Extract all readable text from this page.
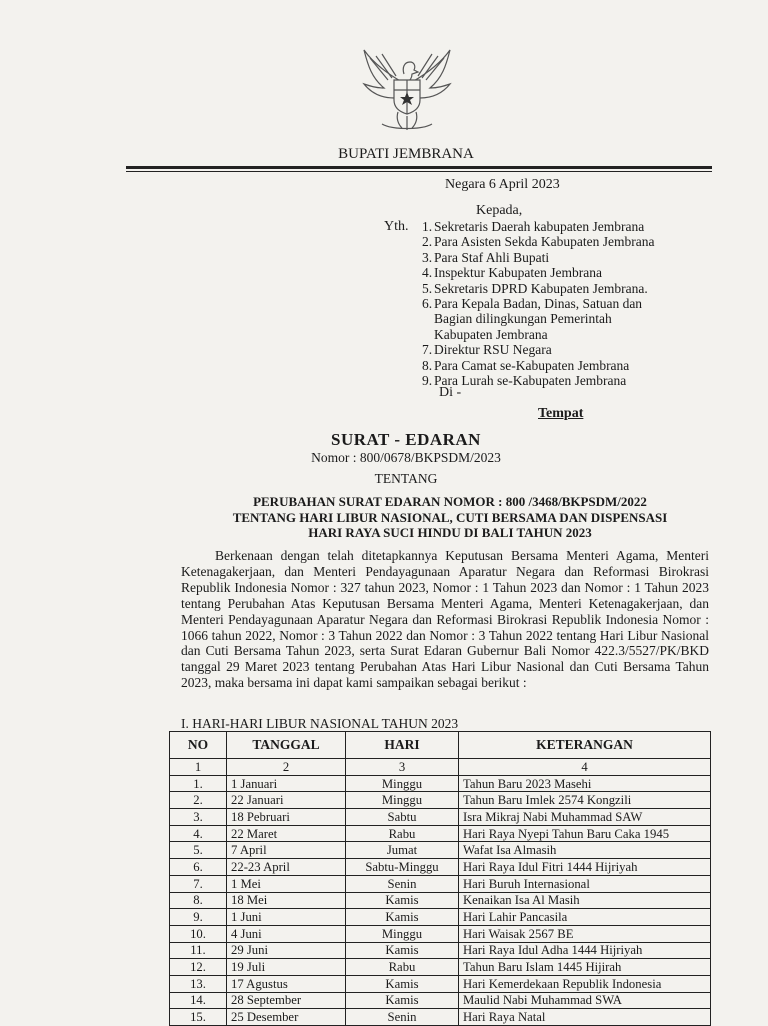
BUPATI JEMBRANA
Negara 6 April 2023
Kepada,
Yth. 1. Sekretaris Daerah kabupaten Jembrana
2. Para Asisten Sekda Kabupaten Jembrana
3. Para Staf Ahli Bupati
4. Inspektur Kabupaten Jembrana
5. Sekretaris DPRD Kabupaten Jembrana.
6. Para Kepala Badan, Dinas, Satuan dan
Bagian dilingkungan Pemerintah
Kabupaten Jembrana
7. Direktur RSU Negara
8. Para Camat se-Kabupaten Jembrana
9. Para Lurah se-Kabupaten Jembrana
Di -
Tempat
SURAT - EDARAN
Nomor : 800/0678/BKPSDM/2023
TENTANG
PERUBAHAN SURAT EDARAN NOMOR : 800 /3468/BKPSDM/2022
TENTANG HARI LIBUR NASIONAL, CUTI BERSAMA DAN DISPENSASI
HARI RAYA SUCI HINDU DI BALI TAHUN 2023

Berkenaan dengan telah ditetapkannya Keputusan Bersama Menteri Agama, Menteri Ketenagakerjaan, dan Menteri Pendayagunaan Aparatur Negara dan Reformasi Birokrasi Republik Indonesia Nomor : 327 tahun 2023, Nomor : 1 Tahun 2023 dan Nomor : 1 Tahun 2023 tentang Perubahan Atas Keputusan Bersama Menteri Agama, Menteri Ketenagakerjaan, dan Menteri Pendayagunaan Aparatur Negara dan Reformasi Birokrasi Republik Indonesia Nomor : 1066 tahun 2022, Nomor : 3 Tahun 2022 dan Nomor : 3 Tahun 2022 tentang Hari Libur Nasional dan Cuti Bersama Tahun 2023, serta Surat Edaran Gubernur Bali Nomor 422.3/5527/PK/BKD tanggal 29 Maret 2023 tentang Perubahan Atas Hari Libur Nasional dan Cuti Bersama Tahun 2023, maka bersama ini dapat kami sampaikan sebagai berikut :

I. HARI-HARI LIBUR NASIONAL TAHUN 2023
NO	TANGGAL	HARI	KETERANGAN
1	2	3	4
1.	1 Januari	Minggu	Tahun Baru 2023 Masehi
2.	22 Januari	Minggu	Tahun Baru Imlek 2574 Kongzili
3.	18 Pebruari	Sabtu	Isra Mikraj Nabi Muhammad SAW
4.	22 Maret	Rabu	Hari Raya Nyepi Tahun Baru Caka 1945
5.	7 April	Jumat	Wafat Isa Almasih
6.	22-23 April	Sabtu-Minggu	Hari Raya Idul Fitri 1444 Hijriyah
7.	1 Mei	Senin	Hari Buruh Internasional
8.	18 Mei	Kamis	Kenaikan Isa Al Masih
9.	1 Juni	Kamis	Hari Lahir Pancasila
10.	4 Juni	Minggu	Hari Waisak 2567 BE
11.	29 Juni	Kamis	Hari Raya Idul Adha 1444 Hijriyah
12.	19 Juli	Rabu	Tahun Baru Islam 1445 Hijirah
13.	17 Agustus	Kamis	Hari Kemerdekaan Republik Indonesia
14.	28 September	Kamis	Maulid Nabi Muhammad SWA
15.	25 Desember	Senin	Hari Raya Natal
